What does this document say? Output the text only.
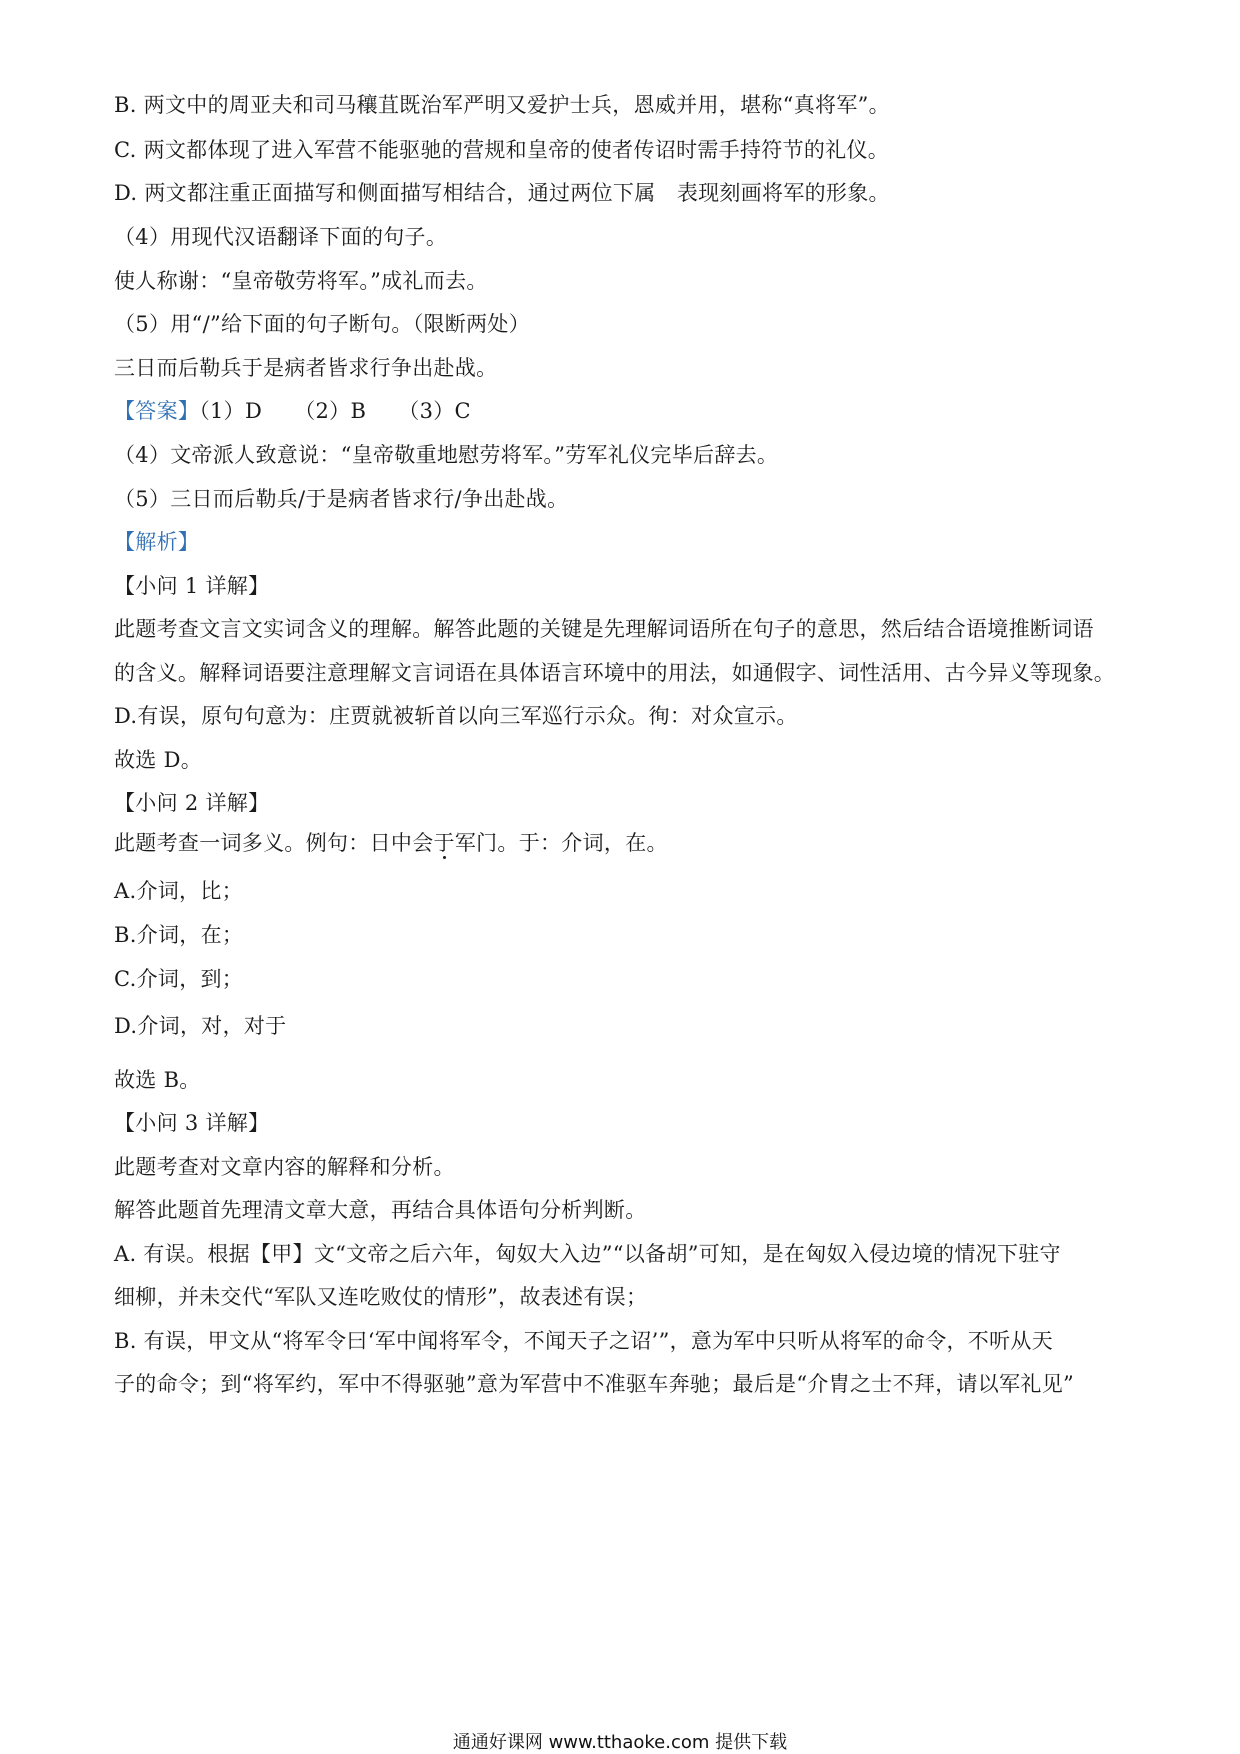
B. 两文中的周亚夫和司马穰苴既治军严明又爱护士兵，恩威并用，堪称“真将军”。
C. 两文都体现了进入军营不能驱驰的营规和皇帝的使者传诏时需手持符节的礼仪。
D. 两文都注重正面描写和侧面描写相结合，通过两位下属　表现刻画将军的形象。
（4）用现代汉语翻译下面的句子。
使人称谢：“皇帝敬劳将军。”成礼而去。
（5）用“/”给下面的句子断句。（限断两处）
三日而后勒兵于是病者皆求行争出赴战。
【答案】（1）D　　（2）B　　（3）C
（4）文帝派人致意说：“皇帝敬重地慰劳将军。”劳军礼仪完毕后辞去。
（5）三日而后勒兵/于是病者皆求行/争出赴战。
【解析】
【小问 1 详解】
此题考查文言文实词含义的理解。解答此题的关键是先理解词语所在句子的意思，然后结合语境推断词语
的含义。解释词语要注意理解文言词语在具体语言环境中的用法，如通假字、词性活用、古今异义等现象。
D.有误，原句句意为：庄贾就被斩首以向三军巡行示众。徇：对众宣示。
故选 D。
【小问 2 详解】
此题考查一词多义。例句：日中会于军门。于：介词，在。
A.介词，比；
B.介词，在；
C.介词，到；
D.介词，对，对于
故选 B。
【小问 3 详解】
此题考查对文章内容的解释和分析。
解答此题首先理清文章大意，再结合具体语句分析判断。
A. 有误。根据【甲】文“文帝之后六年，匈奴大入边”“以备胡”可知，是在匈奴入侵边境的情况下驻守
细柳，并未交代“军队又连吃败仗的情形”，故表述有误；
B. 有误，甲文从“将军令曰‘军中闻将军令，不闻天子之诏’”，意为军中只听从将军的命令，不听从天
子的命令；到“将军约，军中不得驱驰”意为军营中不准驱车奔驰；最后是“介胄之士不拜，请以军礼见”
通通好课网 www.tthaoke.com 提供下载
